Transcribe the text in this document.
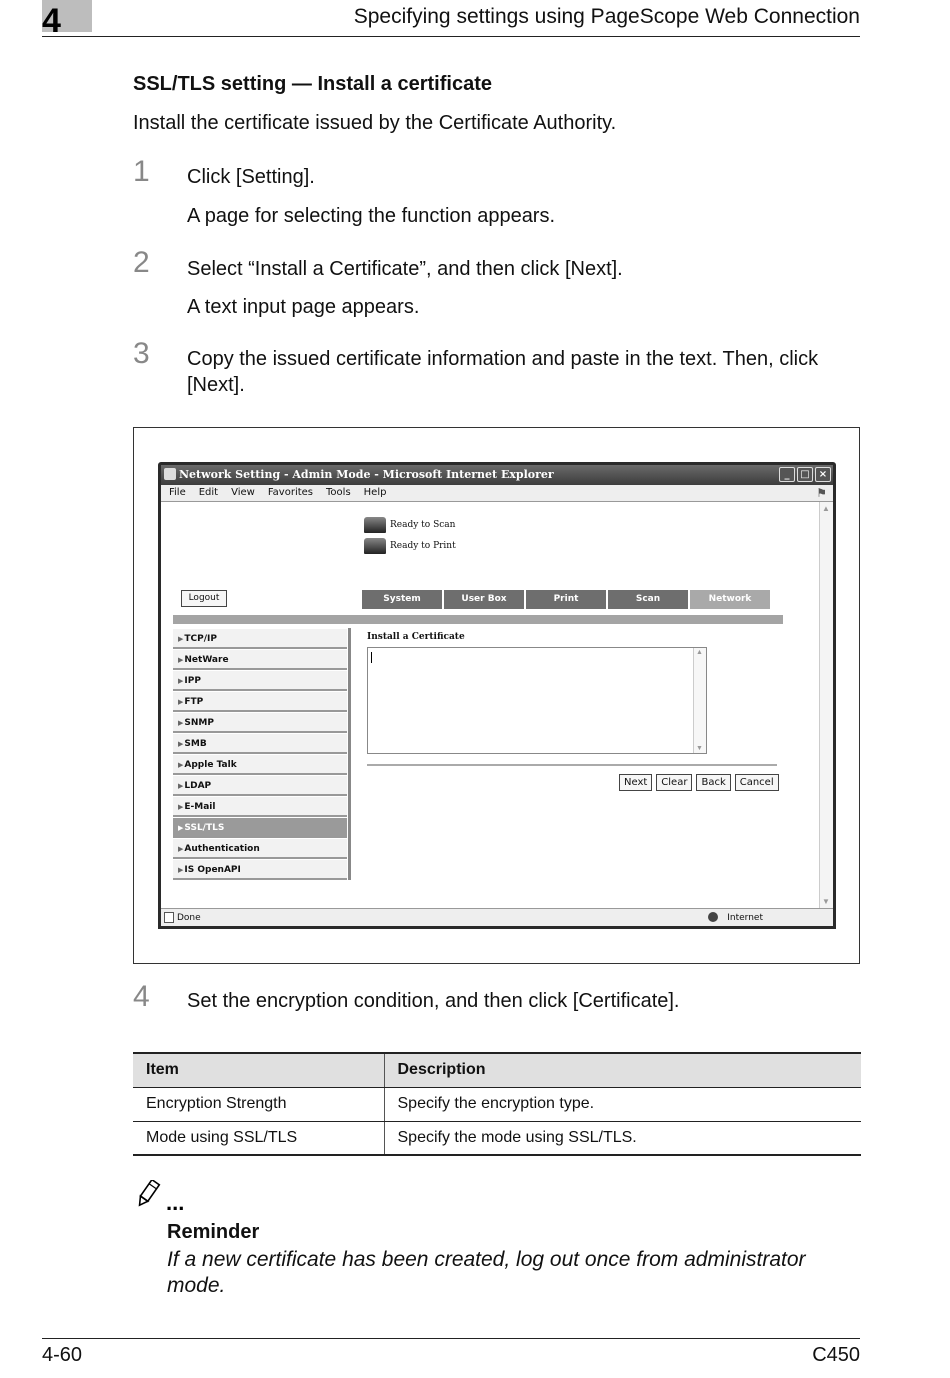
4	Specifying settings using PageScope Web Connection
SSL/TLS setting — Install a certificate
Install the certificate issued by the Certificate Authority.
1 Click [Setting].
A page for selecting the function appears.
2 Select “Install a Certificate”, and then click [Next].
A text input page appears.
3 Copy the issued certificate information and paste in the text. Then, click [Next].
Network Setting - Admin Mode - Microsoft Internet Explorer	_	□ ×
File Edit View Favorites Tools Help	⚑
Ready to Scan
Ready to Print
Logout	System	User Box	Print	Scan	Network
▶TCP/IP
▶NetWare
▶IPP
▶FTP
▶SNMP
▶SMB
▶Apple Talk
▶LDAP
▶E-Mail
▶SSL/TLS
▶Authentication
▶IS OpenAPI
Install a Certificate
▲
▼
Next	Clear	Back	Cancel
▲
▼
Done	Internet
4 Set the encryption condition, and then click [Certificate].
Item	Description
Encryption Strength	Specify the encryption type.
Mode using SSL/TLS	Specify the mode using SSL/TLS.
...
Reminder
If a new certificate has been created, log out once from administrator mode.
4-60	C450
